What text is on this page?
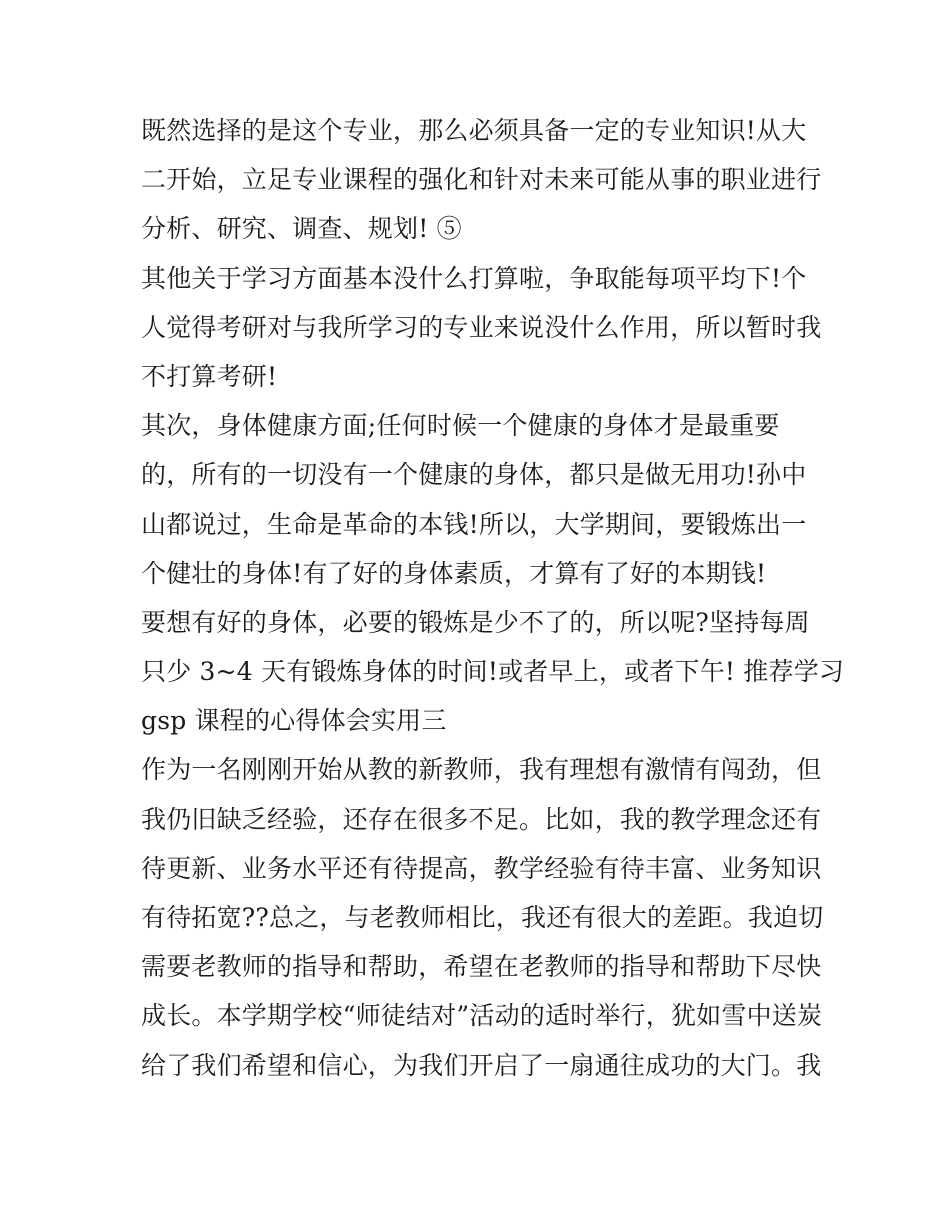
既然选择的是这个专业，那么必须具备一定的专业知识!从大
二开始，立足专业课程的强化和针对未来可能从事的职业进行
分析、研究、调查、规划! ⑤
其他关于学习方面基本没什么打算啦，争取能每项平均下!个
人觉得考研对与我所学习的专业来说没什么作用，所以暂时我
不打算考研!
其次，身体健康方面;任何时候一个健康的身体才是最重要
的，所有的一切没有一个健康的身体，都只是做无用功!孙中
山都说过，生命是革命的本钱!所以，大学期间，要锻炼出一
个健壮的身体!有了好的身体素质，才算有了好的本期钱!
要想有好的身体，必要的锻炼是少不了的，所以呢?坚持每周
只少 3~4 天有锻炼身体的时间!或者早上，或者下午! 推荐学习
gsp 课程的心得体会实用三
作为一名刚刚开始从教的新教师，我有理想有激情有闯劲，但
我仍旧缺乏经验，还存在很多不足。比如，我的教学理念还有
待更新、业务水平还有待提高，教学经验有待丰富、业务知识
有待拓宽??总之，与老教师相比，我还有很大的差距。我迫切
需要老教师的指导和帮助，希望在老教师的指导和帮助下尽快
成长。本学期学校“师徒结对”活动的适时举行，犹如雪中送炭
给了我们希望和信心，为我们开启了一扇通往成功的大门。我
